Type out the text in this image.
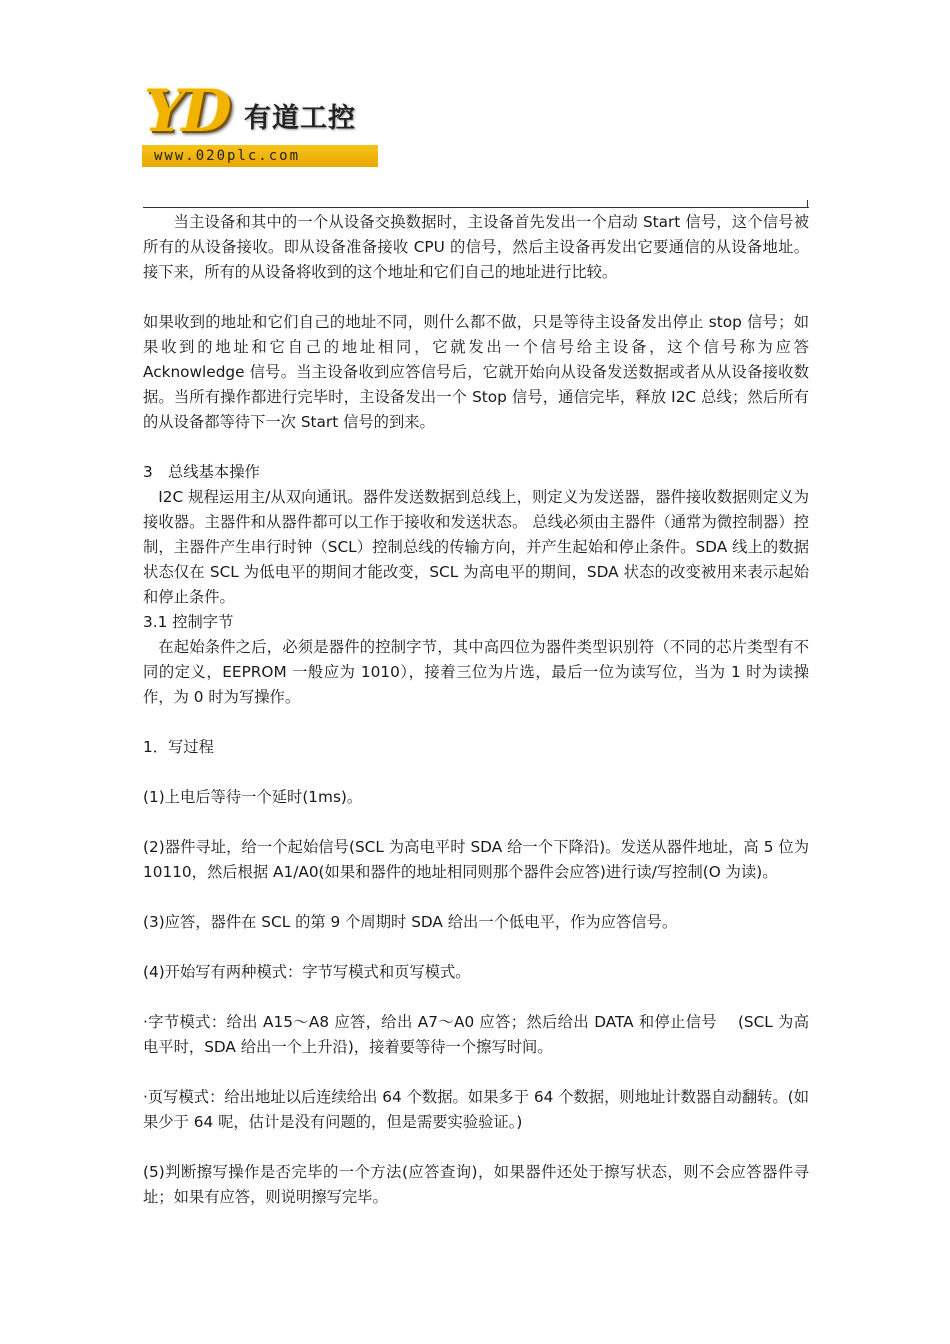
YD 有道工控
www.020plc.com

当主设备和其中的一个从设备交换数据时，主设备首先发出一个启动 Start 信号，这个信号被所有的从设备接收。即从设备准备接收 CPU 的信号，然后主设备再发出它要通信的从设备地址。接下来，所有的从设备将收到的这个地址和它们自己的地址进行比较。

如果收到的地址和它们自己的地址不同，则什么都不做，只是等待主设备发出停止 stop 信号；如果收到的地址和它自己的地址相同，它就发出一个信号给主设备，这个信号称为应答 Acknowledge 信号。当主设备收到应答信号后，它就开始向从设备发送数据或者从从设备接收数据。当所有操作都进行完毕时，主设备发出一个 Stop 信号，通信完毕，释放 I2C 总线；然后所有的从设备都等待下一次 Start 信号的到来。

3　总线基本操作

I2C 规程运用主/从双向通讯。器件发送数据到总线上，则定义为发送器，器件接收数据则定义为接收器。主器件和从器件都可以工作于接收和发送状态。 总线必须由主器件（通常为微控制器）控制，主器件产生串行时钟（SCL）控制总线的传输方向，并产生起始和停止条件。SDA 线上的数据状态仅在 SCL 为低电平的期间才能改变，SCL 为高电平的期间，SDA 状态的改变被用来表示起始和停止条件。

3.1 控制字节

在起始条件之后，必须是器件的控制字节，其中高四位为器件类型识别符（不同的芯片类型有不同的定义，EEPROM 一般应为 1010），接着三位为片选，最后一位为读写位，当为 1 时为读操作，为 0 时为写操作。

1．写过程

(1)上电后等待一个延时(1ms)。

(2)器件寻址，给一个起始信号(SCL 为高电平时 SDA 给一个下降沿)。发送从器件地址，高 5 位为 10110，然后根据 A1/A0(如果和器件的地址相同则那个器件会应答)进行读/写控制(O 为读)。

(3)应答，器件在 SCL 的第 9 个周期时 SDA 给出一个低电平，作为应答信号。

(4)开始写有两种模式：字节写模式和页写模式。

·字节模式：给出 A15～A8 应答，给出 A7～A0 应答；然后给出 DATA 和停止信号　 (SCL 为高电平时，SDA 给出一个上升沿)，接着要等待一个擦写时间。

·页写模式：给出地址以后连续给出 64 个数据。如果多于 64 个数据，则地址计数器自动翻转。(如果少于 64 呢，估计是没有问题的，但是需要实验验证。)

(5)判断擦写操作是否完毕的一个方法(应答查询)，如果器件还处于擦写状态，则不会应答器件寻址；如果有应答，则说明擦写完毕。
